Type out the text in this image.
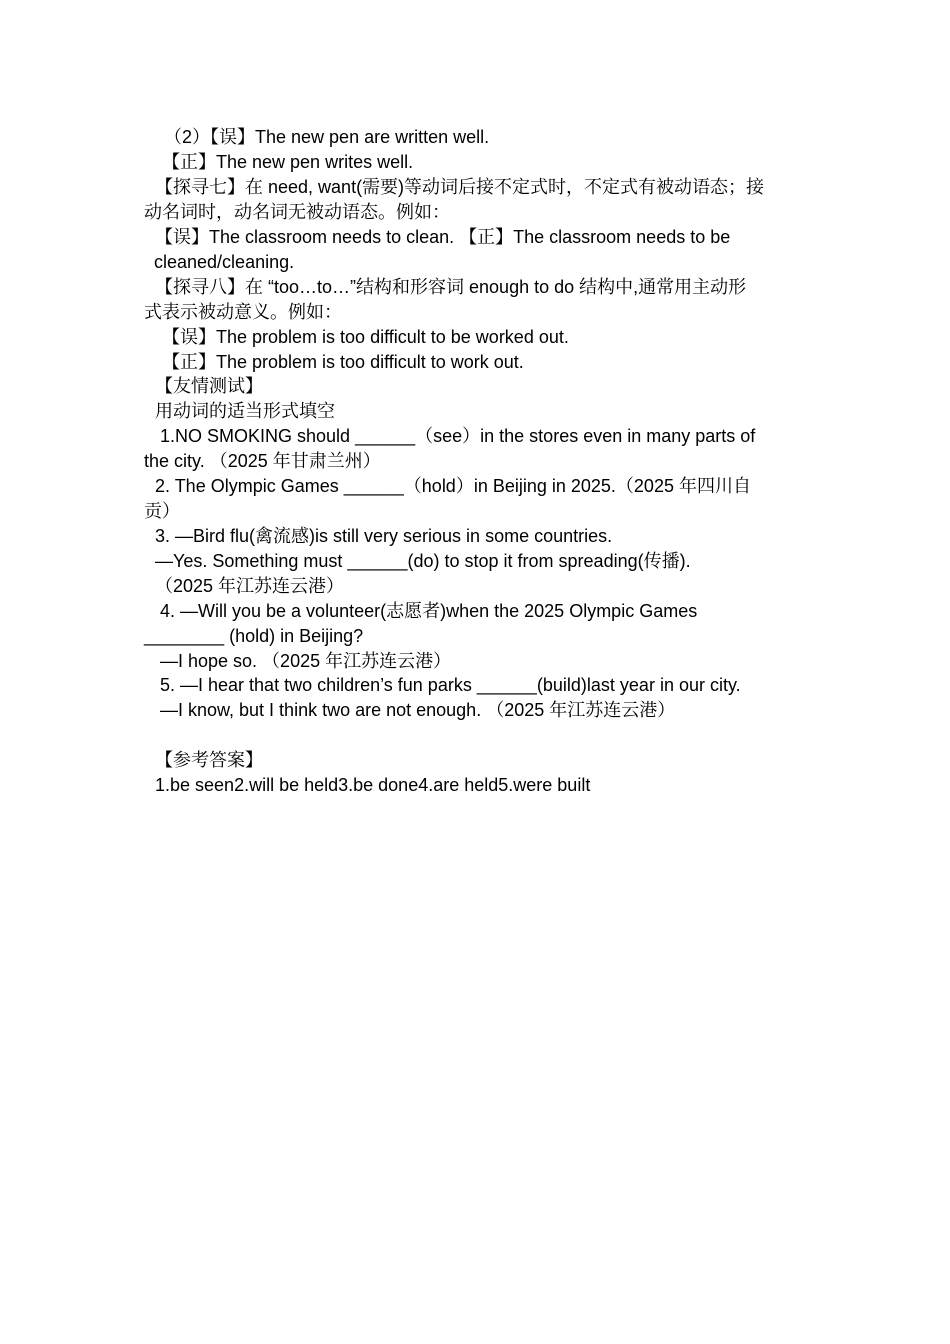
（2）【误】The new pen are written well.
【正】The new pen writes well.
【探寻七】在 need, want(需要)等动词后接不定式时，不定式有被动语态；接
动名词时，动名词无被动语态。例如：
【误】The classroom needs to clean. 【正】The classroom needs to be
cleaned/cleaning.
【探寻八】在 “too…to…”结构和形容词 enough to do 结构中,通常用主动形
式表示被动意义。例如：
【误】The problem is too difficult to be worked out.
【正】The problem is too difficult to work out.
【友情测试】
用动词的适当形式填空
1.NO SMOKING should ______（see）in the stores even in many parts of
the city. （2025 年甘肃兰州）
2. The Olympic Games ______（hold）in Beijing in 2025.（2025 年四川自
贡）
3. —Bird flu(禽流感)is still very serious in some countries.
—Yes. Something must ______(do) to stop it from spreading(传播).
（2025 年江苏连云港）
4. —Will you be a volunteer(志愿者)when the 2025 Olympic Games
________ (hold) in Beijing?
—I hope so. （2025 年江苏连云港）
5. —I hear that two children’s fun parks ______(build)last year in our city.
—I know, but I think two are not enough. （2025 年江苏连云港）
【参考答案】
1.be seen2.will be held3.be done4.are held5.were built
